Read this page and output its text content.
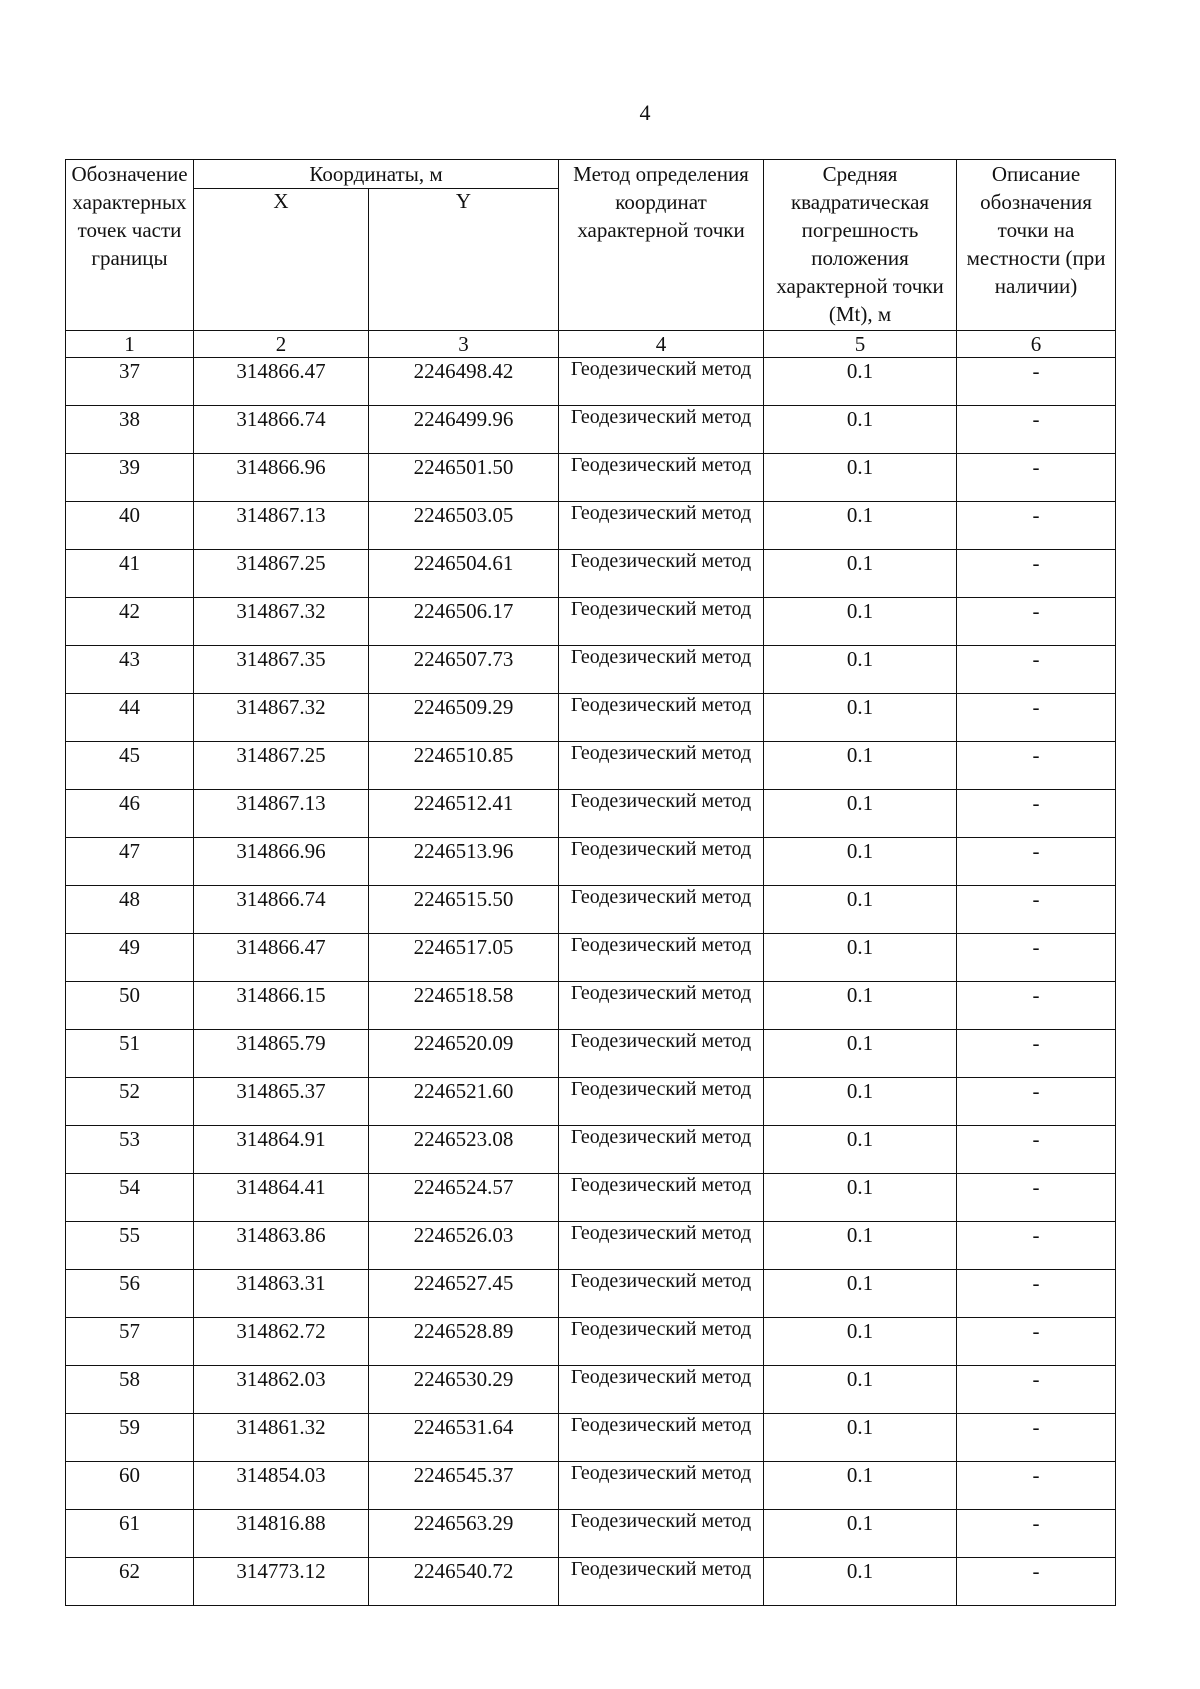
4
Обозначение характерных точек части границы	Координаты, м		Метод определения координат характерной точки	Средняя квадратическая погрешность положения характерной точки (Mt), м	Описание обозначения точки на местности (при наличии)
	X	Y			
1	2	3	4	5	6
37	314866.47	2246498.42	Геодезический метод	0.1	-
38	314866.74	2246499.96	Геодезический метод	0.1	-
39	314866.96	2246501.50	Геодезический метод	0.1	-
40	314867.13	2246503.05	Геодезический метод	0.1	-
41	314867.25	2246504.61	Геодезический метод	0.1	-
42	314867.32	2246506.17	Геодезический метод	0.1	-
43	314867.35	2246507.73	Геодезический метод	0.1	-
44	314867.32	2246509.29	Геодезический метод	0.1	-
45	314867.25	2246510.85	Геодезический метод	0.1	-
46	314867.13	2246512.41	Геодезический метод	0.1	-
47	314866.96	2246513.96	Геодезический метод	0.1	-
48	314866.74	2246515.50	Геодезический метод	0.1	-
49	314866.47	2246517.05	Геодезический метод	0.1	-
50	314866.15	2246518.58	Геодезический метод	0.1	-
51	314865.79	2246520.09	Геодезический метод	0.1	-
52	314865.37	2246521.60	Геодезический метод	0.1	-
53	314864.91	2246523.08	Геодезический метод	0.1	-
54	314864.41	2246524.57	Геодезический метод	0.1	-
55	314863.86	2246526.03	Геодезический метод	0.1	-
56	314863.31	2246527.45	Геодезический метод	0.1	-
57	314862.72	2246528.89	Геодезический метод	0.1	-
58	314862.03	2246530.29	Геодезический метод	0.1	-
59	314861.32	2246531.64	Геодезический метод	0.1	-
60	314854.03	2246545.37	Геодезический метод	0.1	-
61	314816.88	2246563.29	Геодезический метод	0.1	-
62	314773.12	2246540.72	Геодезический метод	0.1	-
